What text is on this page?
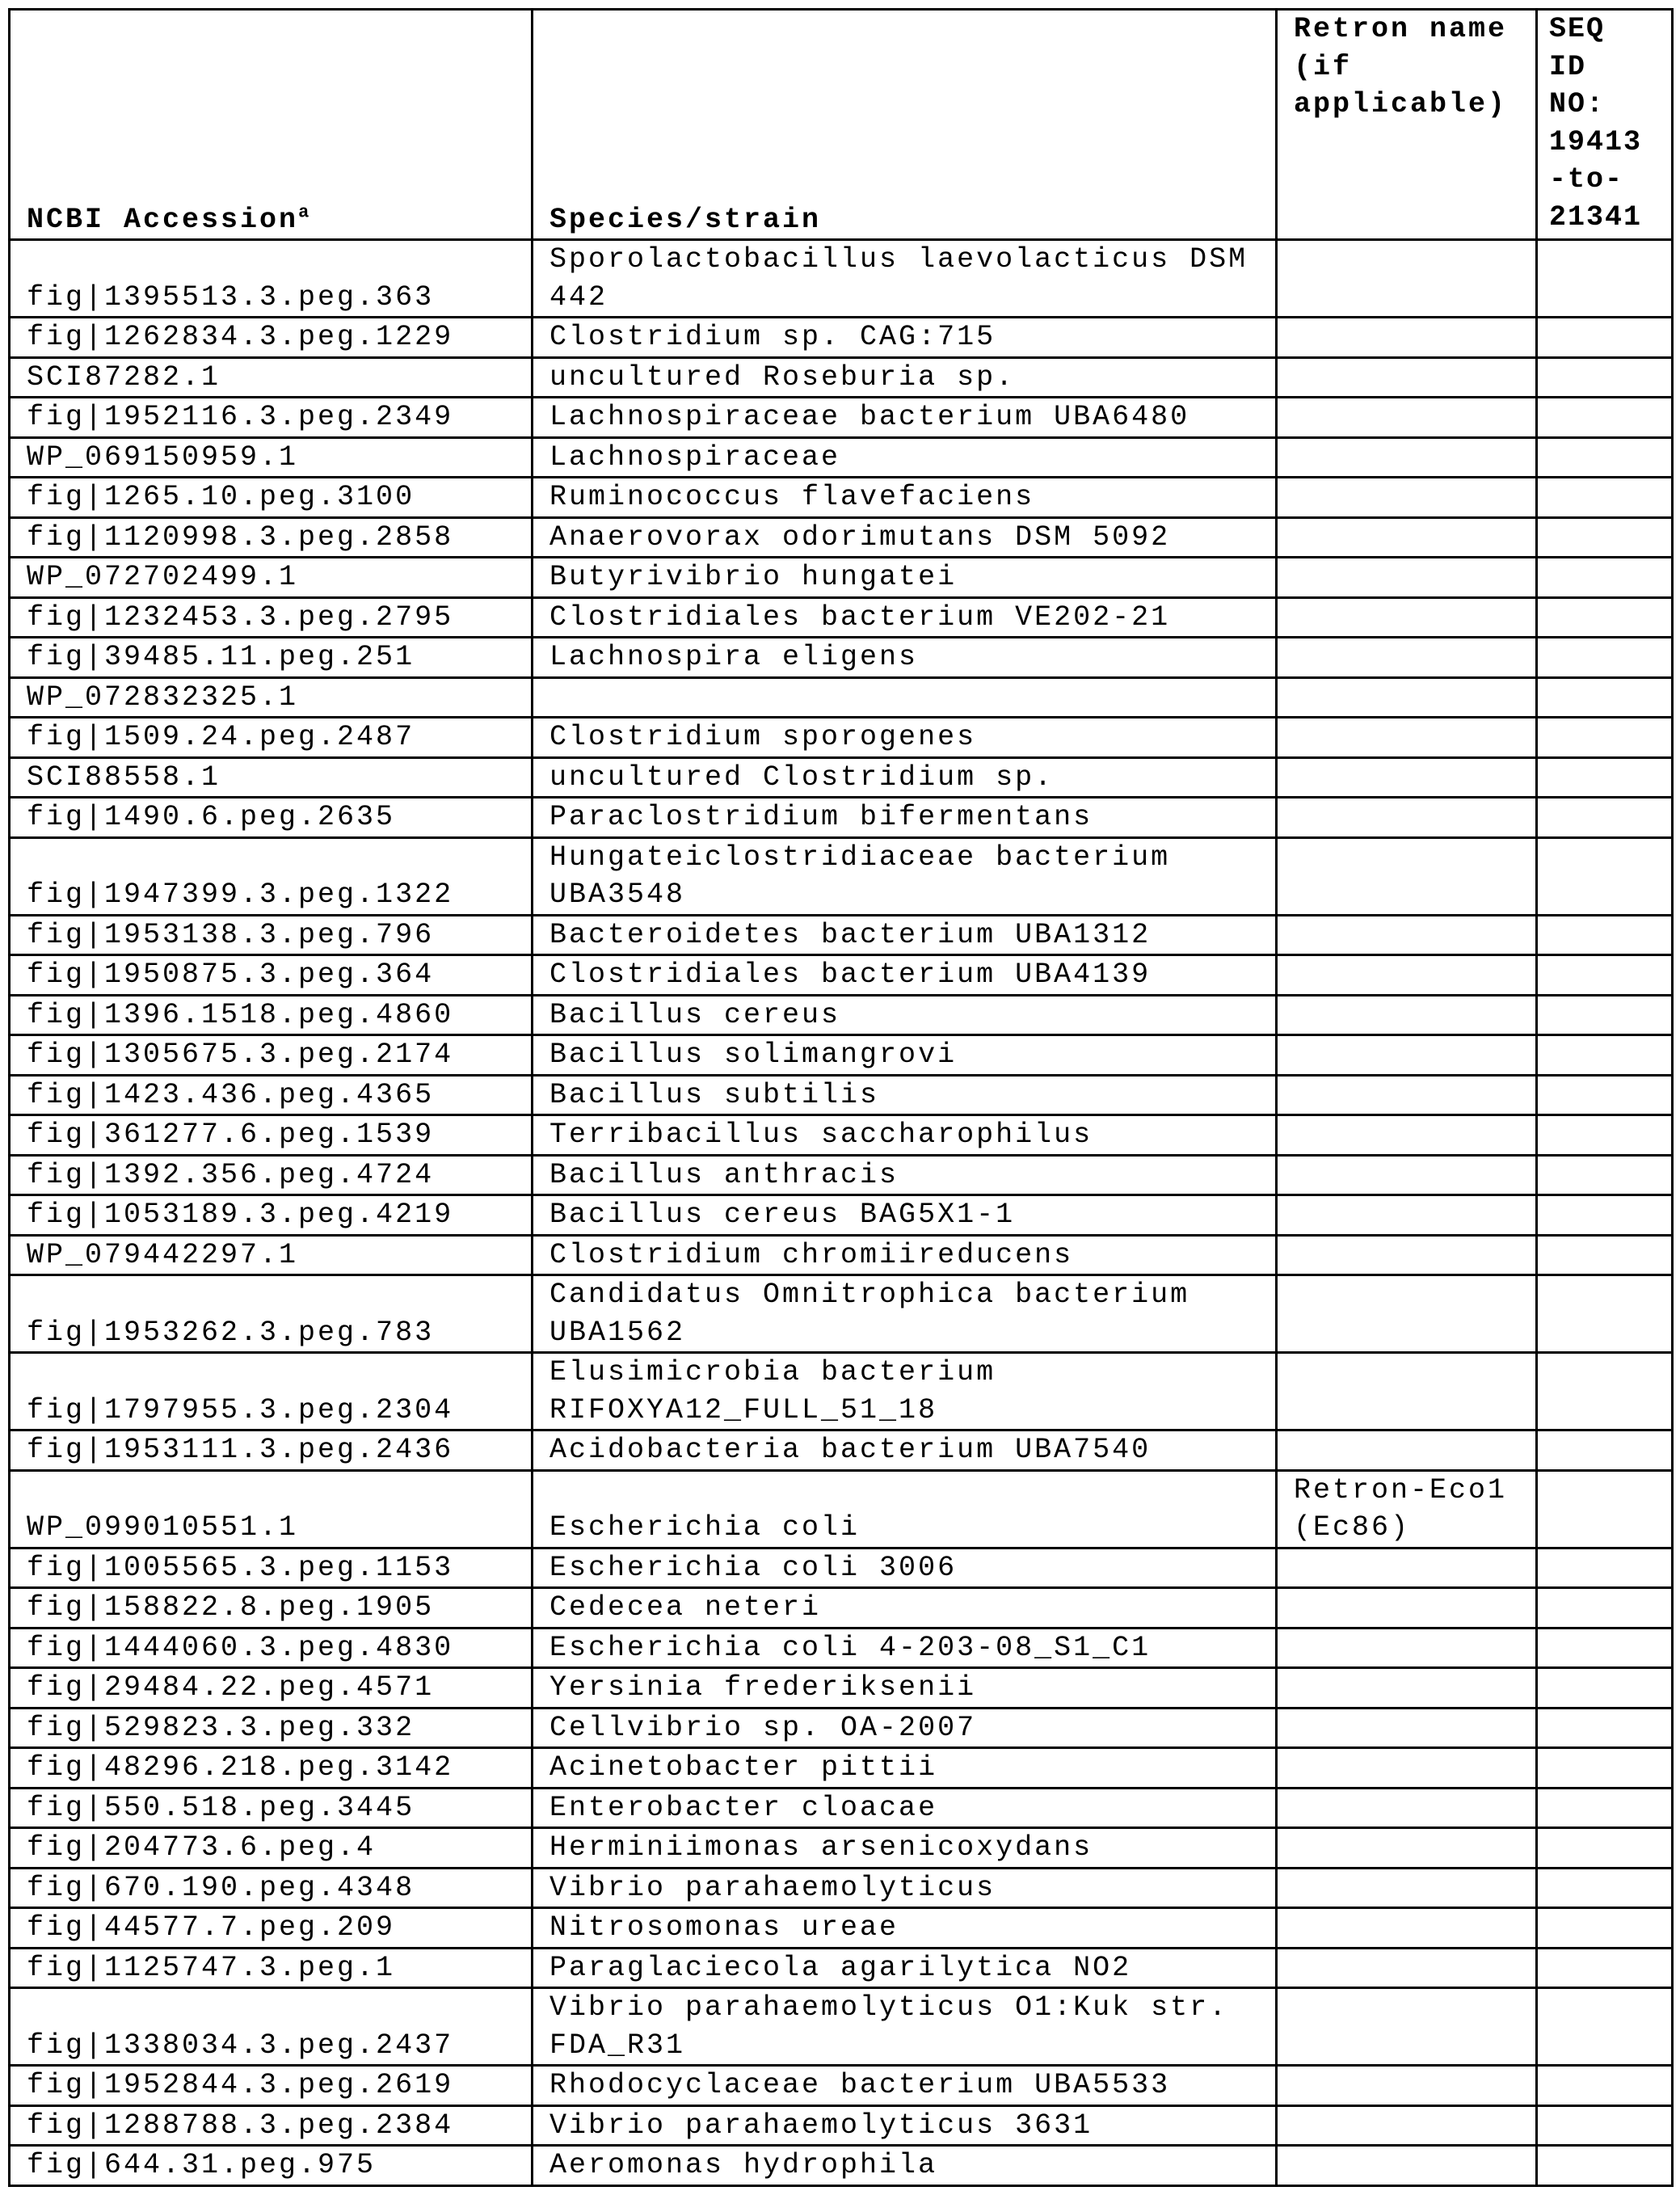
NCBI Accession$^a$	Species/strain	Retron name (if applicable)	SEQ ID NO: 19413 -to- 21341
fig|1395513.3.peg.363	Sporolactobacillus laevolacticus DSM 442		
fig|1262834.3.peg.1229	Clostridium sp. CAG:715		
SCI87282.1	uncultured Roseburia sp.		
fig|1952116.3.peg.2349	Lachnospiraceae bacterium UBA6480		
WP_069150959.1	Lachnospiraceae		
fig|1265.10.peg.3100	Ruminococcus flavefaciens		
fig|1120998.3.peg.2858	Anaerovorax odorimutans DSM 5092		
WP_072702499.1	Butyrivibrio hungatei		
fig|1232453.3.peg.2795	Clostridiales bacterium VE202-21		
fig|39485.11.peg.251	Lachnospira eligens		
WP_072832325.1			
fig|1509.24.peg.2487	Clostridium sporogenes		
SCI88558.1	uncultured Clostridium sp.		
fig|1490.6.peg.2635	Paraclostridium bifermentans		
fig|1947399.3.peg.1322	Hungateiclostridiaceae bacterium UBA3548		
fig|1953138.3.peg.796	Bacteroidetes bacterium UBA1312		
fig|1950875.3.peg.364	Clostridiales bacterium UBA4139		
fig|1396.1518.peg.4860	Bacillus cereus		
fig|1305675.3.peg.2174	Bacillus solimangrovi		
fig|1423.436.peg.4365	Bacillus subtilis		
fig|361277.6.peg.1539	Terribacillus saccharophilus		
fig|1392.356.peg.4724	Bacillus anthracis		
fig|1053189.3.peg.4219	Bacillus cereus BAG5X1-1		
WP_079442297.1	Clostridium chromiireducens		
fig|1953262.3.peg.783	Candidatus Omnitrophica bacterium UBA1562		
fig|1797955.3.peg.2304	Elusimicrobia bacterium RIFOXYA12_FULL_51_18		
fig|1953111.3.peg.2436	Acidobacteria bacterium UBA7540		
WP_099010551.1	Escherichia coli	Retron-Eco1 (Ec86)	
fig|1005565.3.peg.1153	Escherichia coli 3006		
fig|158822.8.peg.1905	Cedecea neteri		
fig|1444060.3.peg.4830	Escherichia coli 4-203-08_S1_C1		
fig|29484.22.peg.4571	Yersinia frederiksenii		
fig|529823.3.peg.332	Cellvibrio sp. OA-2007		
fig|48296.218.peg.3142	Acinetobacter pittii		
fig|550.518.peg.3445	Enterobacter cloacae		
fig|204773.6.peg.4	Herminiimonas arsenicoxydans		
fig|670.190.peg.4348	Vibrio parahaemolyticus		
fig|44577.7.peg.209	Nitrosomonas ureae		
fig|1125747.3.peg.1	Paraglaciecola agarilytica NO2		
fig|1338034.3.peg.2437	Vibrio parahaemolyticus O1:Kuk str. FDA_R31		
fig|1952844.3.peg.2619	Rhodocyclaceae bacterium UBA5533		
fig|1288788.3.peg.2384	Vibrio parahaemolyticus 3631		
fig|644.31.peg.975	Aeromonas hydrophila		
